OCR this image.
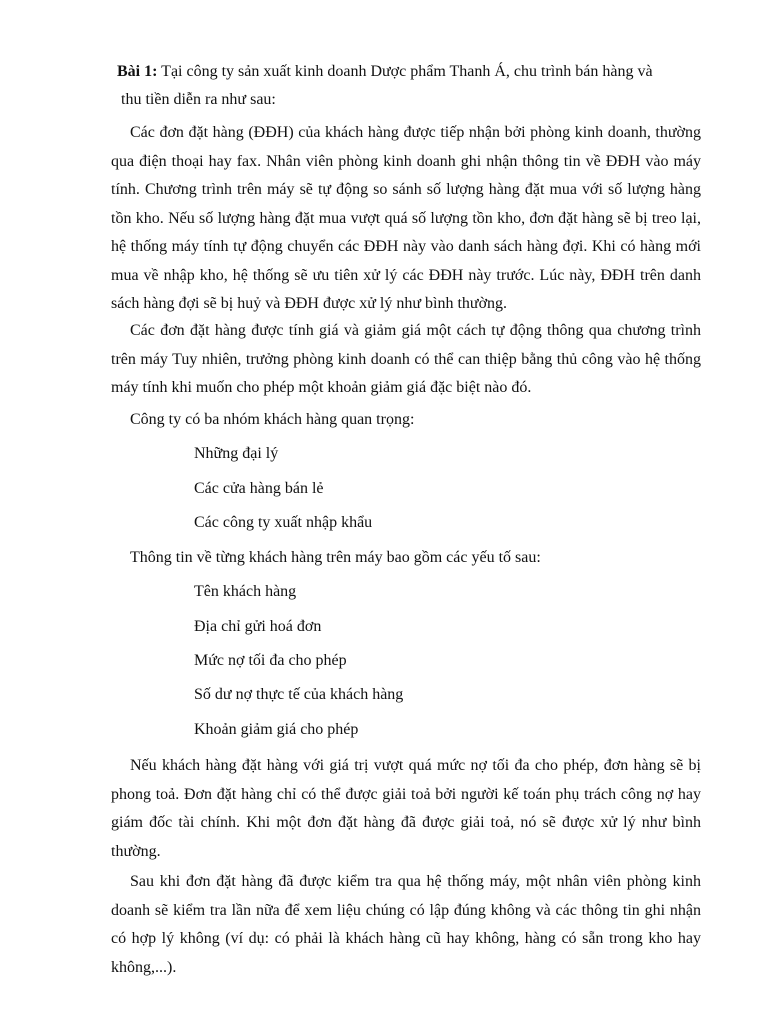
Bài 1: Tại công ty sản xuất kinh doanh Dược phẩm Thanh Á, chu trình bán hàng và
thu tiền diễn ra như sau:

Các đơn đặt hàng (ĐĐH) của khách hàng được tiếp nhận bởi phòng kinh doanh, thường qua điện thoại hay fax. Nhân viên phòng kinh doanh ghi nhận thông tin về ĐĐH vào máy tính. Chương trình trên máy sẽ tự động so sánh số lượng hàng đặt mua với số lượng hàng tồn kho. Nếu số lượng hàng đặt mua vượt quá số lượng tồn kho, đơn đặt hàng sẽ bị treo lại, hệ thống máy tính tự động chuyển các ĐĐH này vào danh sách hàng đợi. Khi có hàng mới mua về nhập kho, hệ thống sẽ ưu tiên xử lý các ĐĐH này trước. Lúc này, ĐĐH trên danh sách hàng đợi sẽ bị huỷ và ĐĐH được xử lý như bình thường.

Các đơn đặt hàng được tính giá và giảm giá một cách tự động thông qua chương trình trên máy Tuy nhiên, trưởng phòng kinh doanh có thể can thiệp bằng thủ công vào hệ thống máy tính khi muốn cho phép một khoản giảm giá đặc biệt nào đó.

Công ty có ba nhóm khách hàng quan trọng:

Những đại lý

Các cửa hàng bán lẻ

Các công ty xuất nhập khẩu

Thông tin về từng khách hàng trên máy bao gồm các yếu tố sau:

Tên khách hàng

Địa chỉ gửi hoá đơn

Mức nợ tối đa cho phép

Số dư nợ thực tế của khách hàng

Khoản giảm giá cho phép

Nếu khách hàng đặt hàng với giá trị vượt quá mức nợ tối đa cho phép, đơn hàng sẽ bị phong toả. Đơn đặt hàng chỉ có thể được giải toả bởi người kế toán phụ trách công nợ hay giám đốc tài chính. Khi một đơn đặt hàng đã được giải toả, nó sẽ được xử lý như bình thường.

Sau khi đơn đặt hàng đã được kiểm tra qua hệ thống máy, một nhân viên phòng kinh doanh sẽ kiểm tra lần nữa để xem liệu chúng có lập đúng không và các thông tin ghi nhận có hợp lý không (ví dụ: có phải là khách hàng cũ hay không, hàng có sẵn trong kho hay không,...).
